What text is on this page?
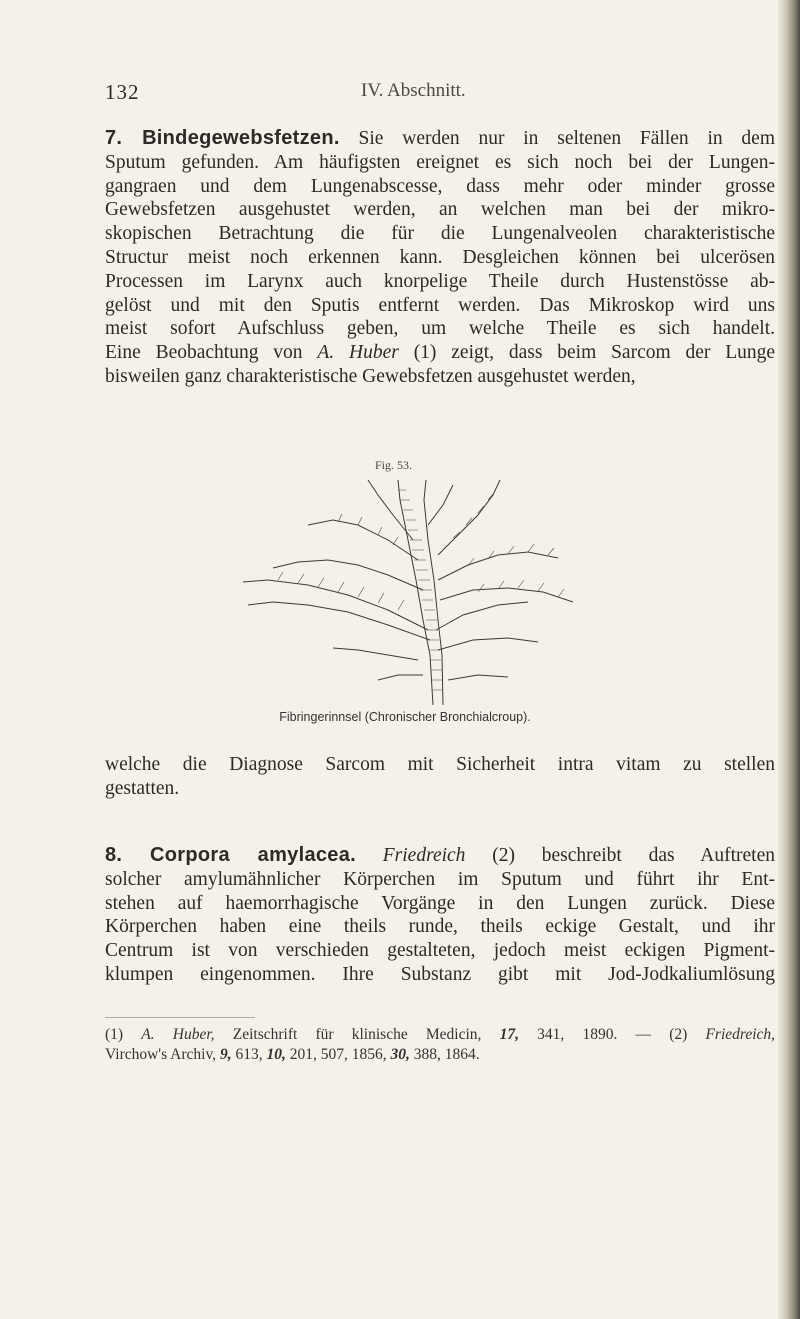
132	IV. Abschnitt.
7. Bindegewebsfetzen. Sie werden nur in seltenen Fällen in dem
Sputum gefunden. Am häufigsten ereignet es sich noch bei der Lungen-
gangraen und dem Lungenabscesse, dass mehr oder minder grosse
Gewebsfetzen ausgehustet werden, an welchen man bei der mikro-
skopischen Betrachtung die für die Lungenalveolen charakteristische
Structur meist noch erkennen kann. Desgleichen können bei ulcerösen
Processen im Larynx auch knorpelige Theile durch Hustenstösse ab-
gelöst und mit den Sputis entfernt werden. Das Mikroskop wird uns
meist sofort Aufschluss geben, um welche Theile es sich handelt.
Eine Beobachtung von A. Huber (1) zeigt, dass beim Sarcom der Lunge
bisweilen ganz charakteristische Gewebsfetzen ausgehustet werden,
Fig. 53.
Fibringerinnsel (Chronischer Bronchialcroup).
welche die Diagnose Sarcom mit Sicherheit intra vitam zu stellen
gestatten.
8. Corpora amylacea. Friedreich (2) beschreibt das Auftreten
solcher amylumähnlicher Körperchen im Sputum und führt ihr Ent-
stehen auf haemorrhagische Vorgänge in den Lungen zurück. Diese
Körperchen haben eine theils runde, theils eckige Gestalt, und ihr
Centrum ist von verschieden gestalteten, jedoch meist eckigen Pigment-
klumpen eingenommen. Ihre Substanz gibt mit Jod-Jodkaliumlösung
(1) A. Huber, Zeitschrift für klinische Medicin, 17, 341, 1890. — (2) Friedreich,
Virchow's Archiv, 9, 613, 10, 201, 507, 1856, 30, 388, 1864.
